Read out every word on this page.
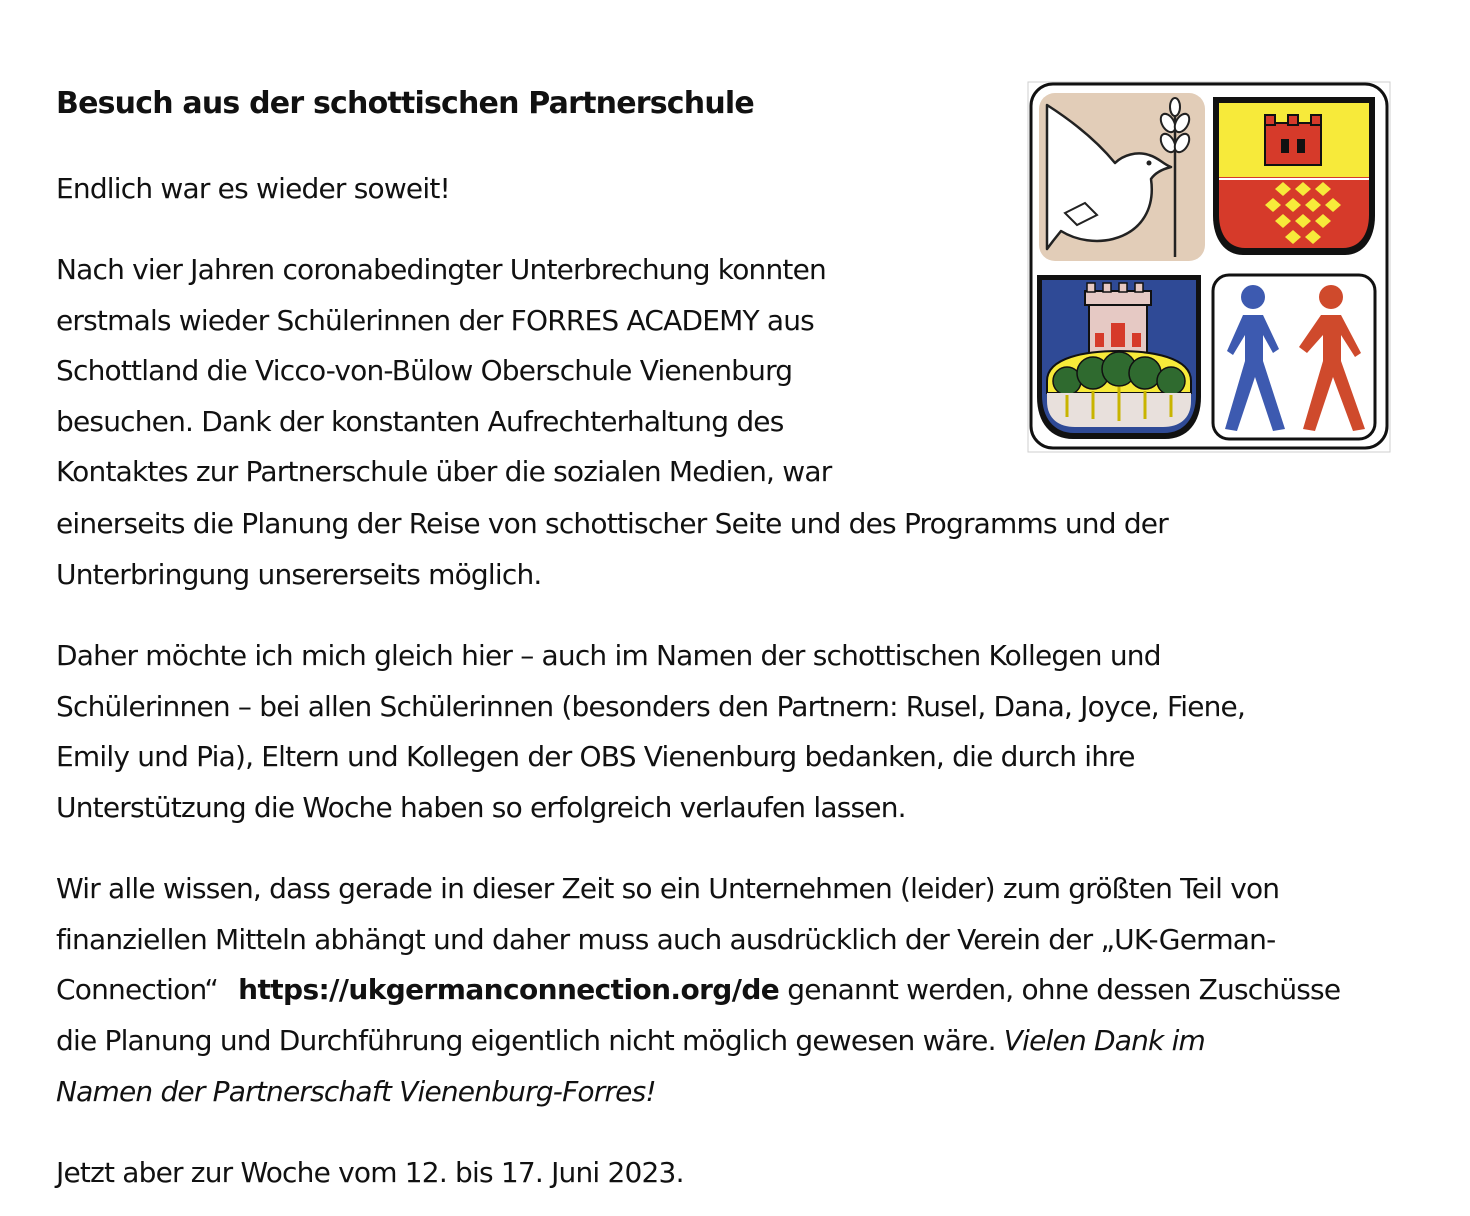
Besuch aus der schottischen Partnerschule

Endlich war es wieder soweit!

Nach vier Jahren coronabedingter Unterbrechung konnten

erstmals wieder Schülerinnen der FORRES ACADEMY aus

Schottland die Vicco-von-Bülow Oberschule Vienenburg

besuchen. Dank der konstanten Aufrechterhaltung des

Kontaktes zur Partnerschule über die sozialen Medien, war

einerseits die Planung der Reise von schottischer Seite und des Programms und der

Unterbringung unsererseits möglich.

Daher möchte ich mich gleich hier – auch im Namen der schottischen Kollegen und

Schülerinnen – bei allen Schülerinnen (besonders den Partnern: Rusel, Dana, Joyce, Fiene,

Emily und Pia), Eltern und Kollegen der OBS Vienenburg bedanken, die durch ihre

Unterstützung die Woche haben so erfolgreich verlaufen lassen.

Wir alle wissen, dass gerade in dieser Zeit so ein Unternehmen (leider) zum größten Teil von

finanziellen Mitteln abhängt und daher muss auch ausdrücklich der Verein der „UK-German-

Connection“ https://ukgermanconnection.org/de genannt werden, ohne dessen Zuschüsse

die Planung und Durchführung eigentlich nicht möglich gewesen wäre. Vielen Dank im

Namen der Partnerschaft Vienenburg-Forres!

Jetzt aber zur Woche vom 12. bis 17. Juni 2023.
